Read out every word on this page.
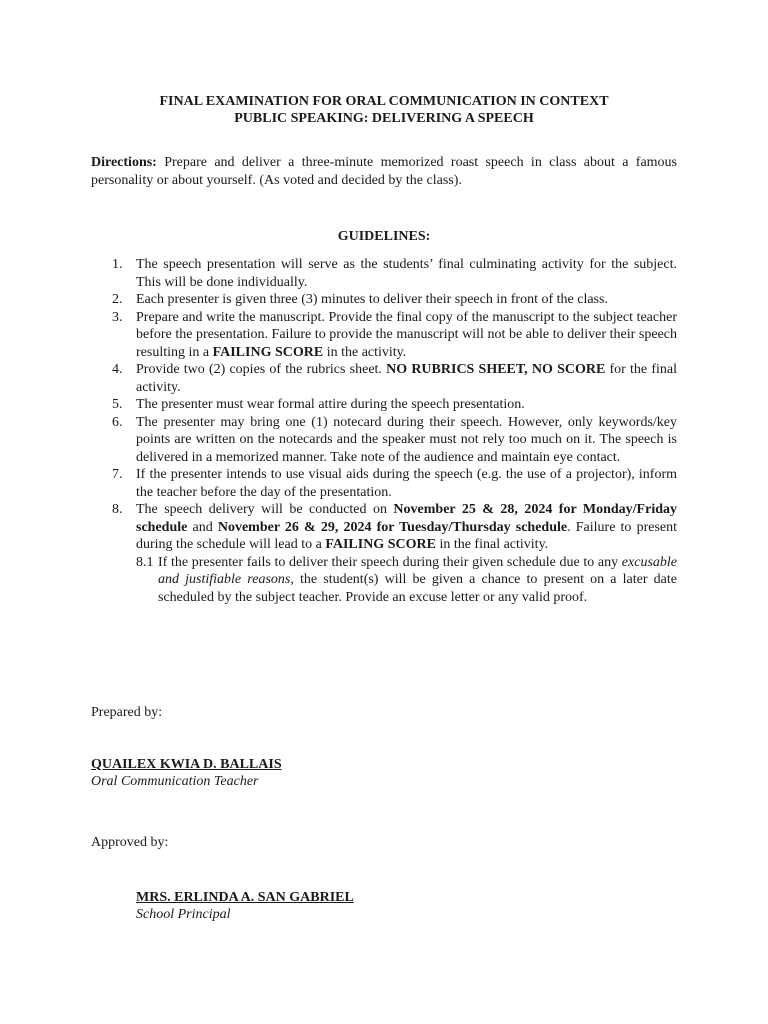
FINAL EXAMINATION FOR ORAL COMMUNICATION IN CONTEXT
PUBLIC SPEAKING: DELIVERING A SPEECH
Directions: Prepare and deliver a three-minute memorized roast speech in class about a famous personality or about yourself. (As voted and decided by the class).
GUIDELINES:
1. The speech presentation will serve as the students’ final culminating activity for the subject. This will be done individually.
2. Each presenter is given three (3) minutes to deliver their speech in front of the class.
3. Prepare and write the manuscript. Provide the final copy of the manuscript to the subject teacher before the presentation. Failure to provide the manuscript will not be able to deliver their speech resulting in a FAILING SCORE in the activity.
4. Provide two (2) copies of the rubrics sheet. NO RUBRICS SHEET, NO SCORE for the final activity.
5. The presenter must wear formal attire during the speech presentation.
6. The presenter may bring one (1) notecard during their speech. However, only keywords/key points are written on the notecards and the speaker must not rely too much on it. The speech is delivered in a memorized manner. Take note of the audience and maintain eye contact.
7. If the presenter intends to use visual aids during the speech (e.g. the use of a projector), inform the teacher before the day of the presentation.
8. The speech delivery will be conducted on November 25 & 28, 2024 for Monday/Friday schedule and November 26 & 29, 2024 for Tuesday/Thursday schedule. Failure to present during the schedule will lead to a FAILING SCORE in the final activity.
8.1 If the presenter fails to deliver their speech during their given schedule due to any excusable and justifiable reasons, the student(s) will be given a chance to present on a later date scheduled by the subject teacher. Provide an excuse letter or any valid proof.
Prepared by:
QUAILEX KWIA D. BALLAIS
Oral Communication Teacher
Approved by:
MRS. ERLINDA A. SAN GABRIEL
School Principal
